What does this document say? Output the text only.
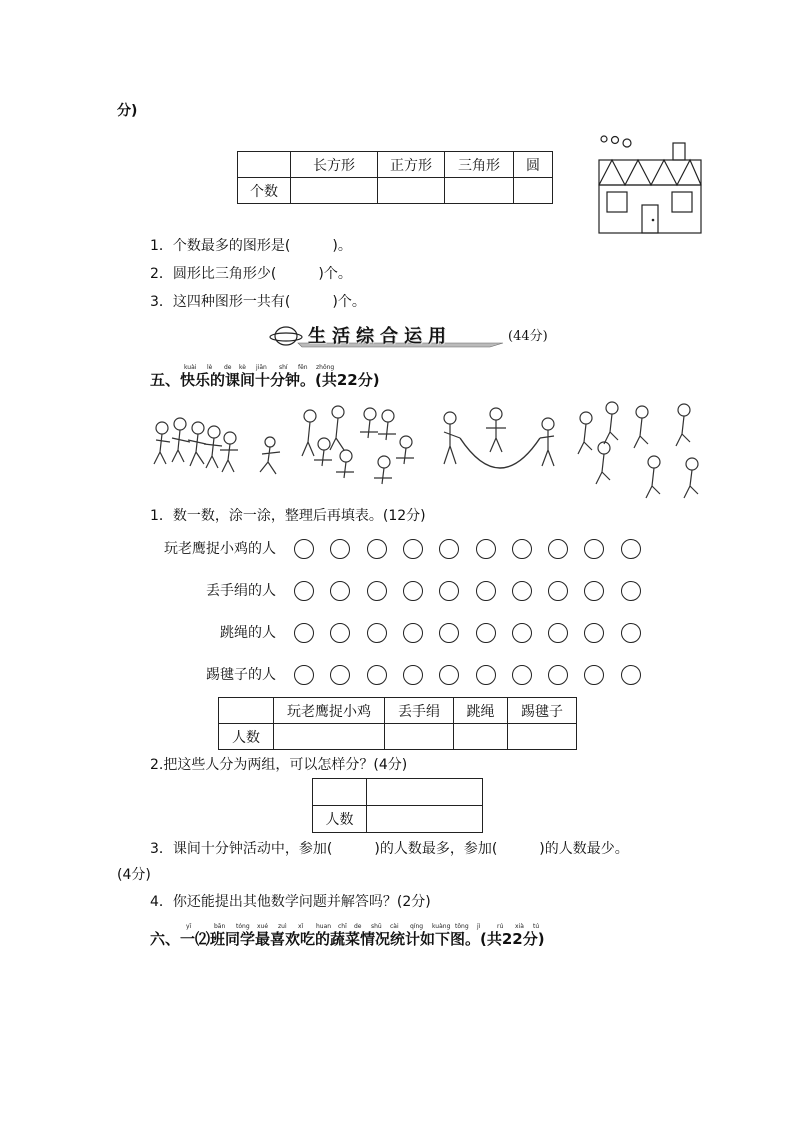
分)
	长方形	正方形	三角形	圆
个数				
1．个数最多的图形是(　　　)。
2．圆形比三角形少(　　　)个。
3．这四种图形一共有(　　　)个。
生活综合运用	(44分)
kuài lè de kè jiān shí fēn zhōng
五、快乐的课间十分钟。(共22分)
1．数一数，涂一涂，整理后再填表。(12分)
玩老鹰捉小鸡的人
丢手绢的人
跳绳的人
踢毽子的人
	玩老鹰捉小鸡	丢手绢	跳绳	踢毽子
人数				
2.把这些人分为两组，可以怎样分？(4分)

人数	
3．课间十分钟活动中，参加(　　　)的人数最多，参加(　　　)的人数最少。
(4分)
4．你还能提出其他数学问题并解答吗？(2分)
yī	bān tóng xué zuì xǐ huan chī de shū cài qíng kuàng tǒng jì	rú xià tú
六、一⑵班同学最喜欢吃的蔬菜情况统计如下图。(共22分)
